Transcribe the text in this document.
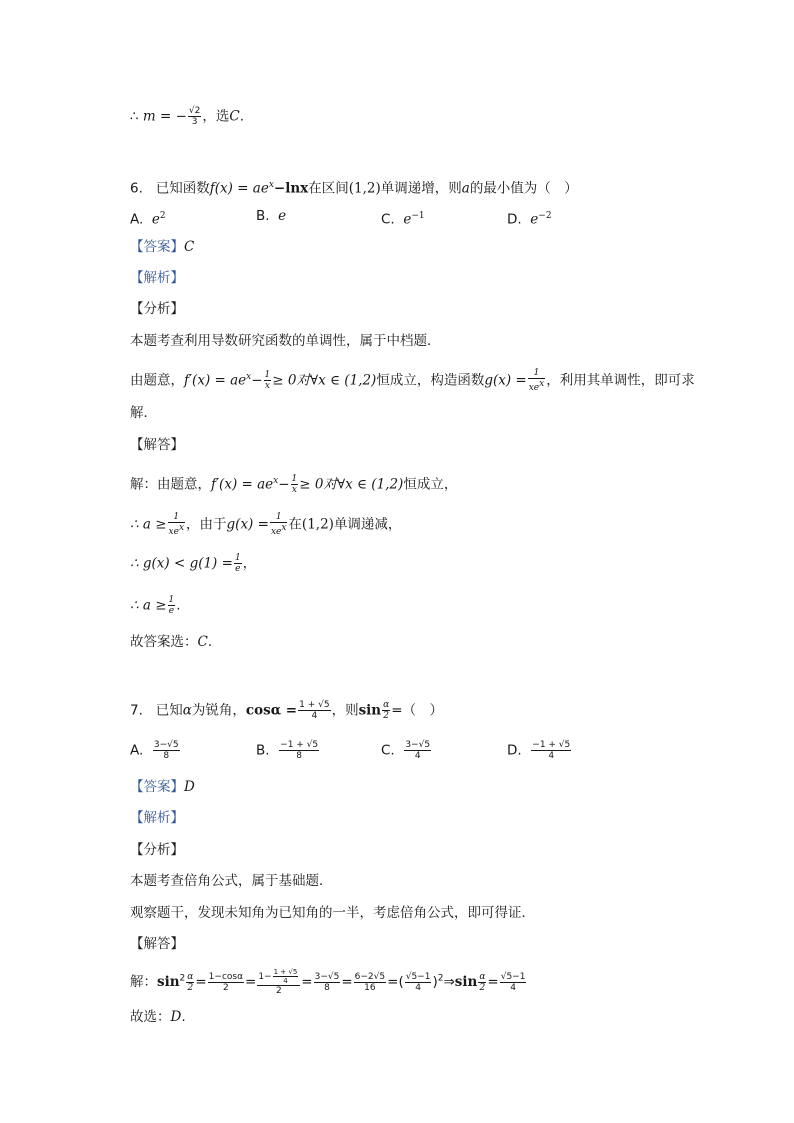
∴ m = − $\frac{√2}{3}$ ，选C.
6. 已知函数$f(x) = ae^x-\ln x$在区间(1,2)单调递增，则a的最小值为（　）
A. $e^2$	B. e	C. $e^{-1}$	D. $e^{-2}$
【答案】C
【解析】
【分析】
本题考查利用导数研究函数的单调性，属于中档题．
由题意，$f'(x) = ae^x- \frac{1}{x} \ge 0$对∀x ∈ (1,2)恒成立，构造函数$g(x) = \frac{1}{xe^x}$ ，利用其单调性，即可求
解．
【解答】
解：由题意，$f'(x) = ae^x- \frac{1}{x} \ge 0$对∀x ∈ (1,2)恒成立，
∴ $a \ge \frac{1}{xe^x}$ ，由于$g(x) = \frac{1}{xe^x}$ 在(1,2)单调递减，
∴ $g(x) < g(1) = \frac{1}{e}$ ，
∴ $a \ge \frac{1}{e}$ .
故答案选：C.
7. 已知α为锐角，$\cos\alpha = \frac{1 + √5}{4}$ ，则$\sin \frac{\alpha}{2}$ =（　）
A. $\frac{3-√5}{8}$	B. $\frac{-1 + √5}{8}$	C. $\frac{3-√5}{4}$	D. $\frac{-1 + √5}{4}$
【答案】D
【解析】
【分析】
本题考查倍角公式，属于基础题．
观察题干，发现未知角为已知角的一半，考虑倍角公式，即可得证．
【解答】
解：$\sin^2 \frac{\alpha}{2} = \frac{1-\cos\alpha}{2} = \frac{1- \frac{1 + √5}{4}}{2} = \frac{3-√5}{8} = \frac{6-2√5}{16}$ =( $\frac{√5-1}{4}$ )$^2$⇒sin $\frac{\alpha}{2} = \frac{√5-1}{4}$
故选：D.
